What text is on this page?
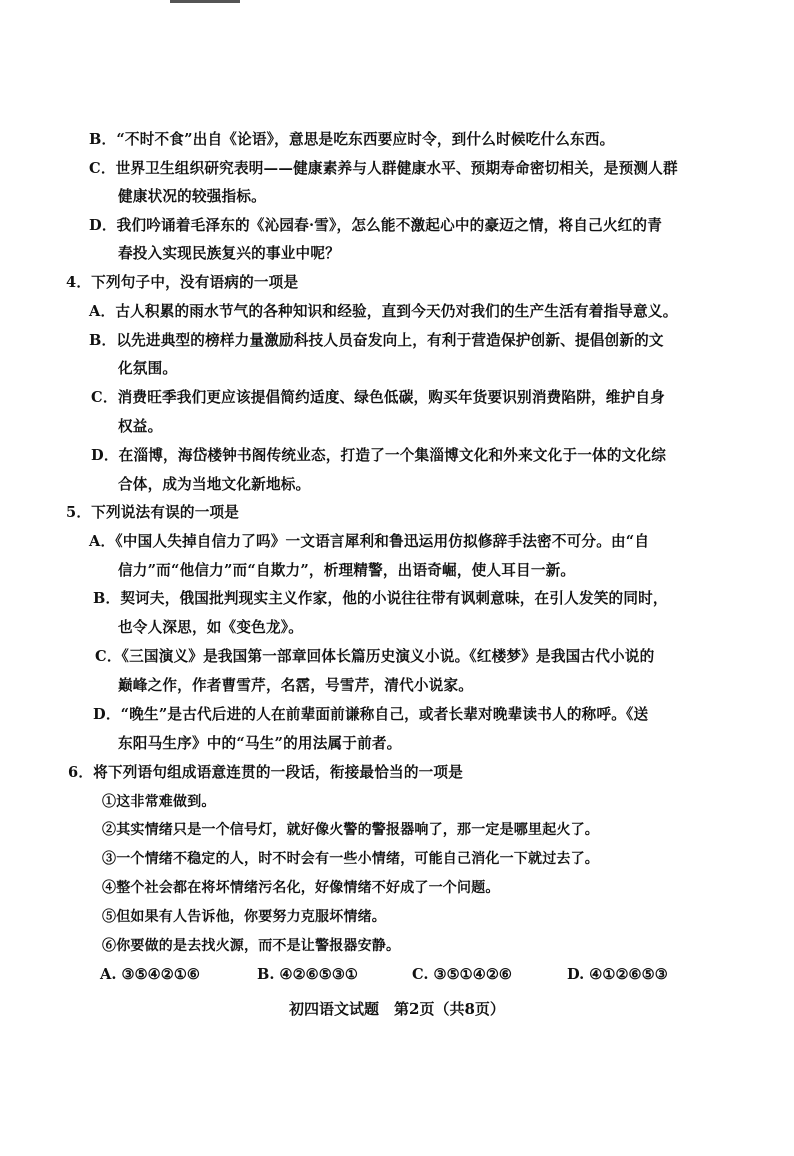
B．“不时不食”出自《论语》，意思是吃东西要应时令，到什么时候吃什么东西。
C．世界卫生组织研究表明——健康素养与人群健康水平、预期寿命密切相关，是预测人群
健康状况的较强指标。
D．我们吟诵着毛泽东的《沁园春·雪》，怎么能不激起心中的豪迈之情，将自己火红的青
春投入实现民族复兴的事业中呢？
4．下列句子中，没有语病的一项是
A．古人积累的雨水节气的各种知识和经验，直到今天仍对我们的生产生活有着指导意义。
B．以先进典型的榜样力量激励科技人员奋发向上，有利于营造保护创新、提倡创新的文
化氛围。
C．消费旺季我们更应该提倡简约适度、绿色低碳，购买年货要识别消费陷阱，维护自身
权益。
D．在淄博，海岱楼钟书阁传统业态，打造了一个集淄博文化和外来文化于一体的文化综
合体，成为当地文化新地标。
5．下列说法有误的一项是
A．《中国人失掉自信力了吗》一文语言犀利和鲁迅运用仿拟修辞手法密不可分。由“自
信力”而“他信力”而“自欺力”，析理精警，出语奇崛，使人耳目一新。
B．契诃夫，俄国批判现实主义作家，他的小说往往带有讽刺意味，在引人发笑的同时，
也令人深思，如《变色龙》。
C．《三国演义》是我国第一部章回体长篇历史演义小说。《红楼梦》是我国古代小说的
巅峰之作，作者曹雪芹，名霑，号雪芹，清代小说家。
D．“晚生”是古代后进的人在前辈面前谦称自己，或者长辈对晚辈读书人的称呼。《送
东阳马生序》中的“马生”的用法属于前者。
6．将下列语句组成语意连贯的一段话，衔接最恰当的一项是
①这非常难做到。
②其实情绪只是一个信号灯，就好像火警的警报器响了，那一定是哪里起火了。
③一个情绪不稳定的人，时不时会有一些小情绪，可能自己消化一下就过去了。
④整个社会都在将坏情绪污名化，好像情绪不好成了一个问题。
⑤但如果有人告诉他，你要努力克服坏情绪。
⑥你要做的是去找火源，而不是让警报器安静。
A. ③⑤④②①⑥	B. ④②⑥⑤③①	C. ③⑤①④②⑥	D. ④①②⑥⑤③
初四语文试题　第2页（共8页）
